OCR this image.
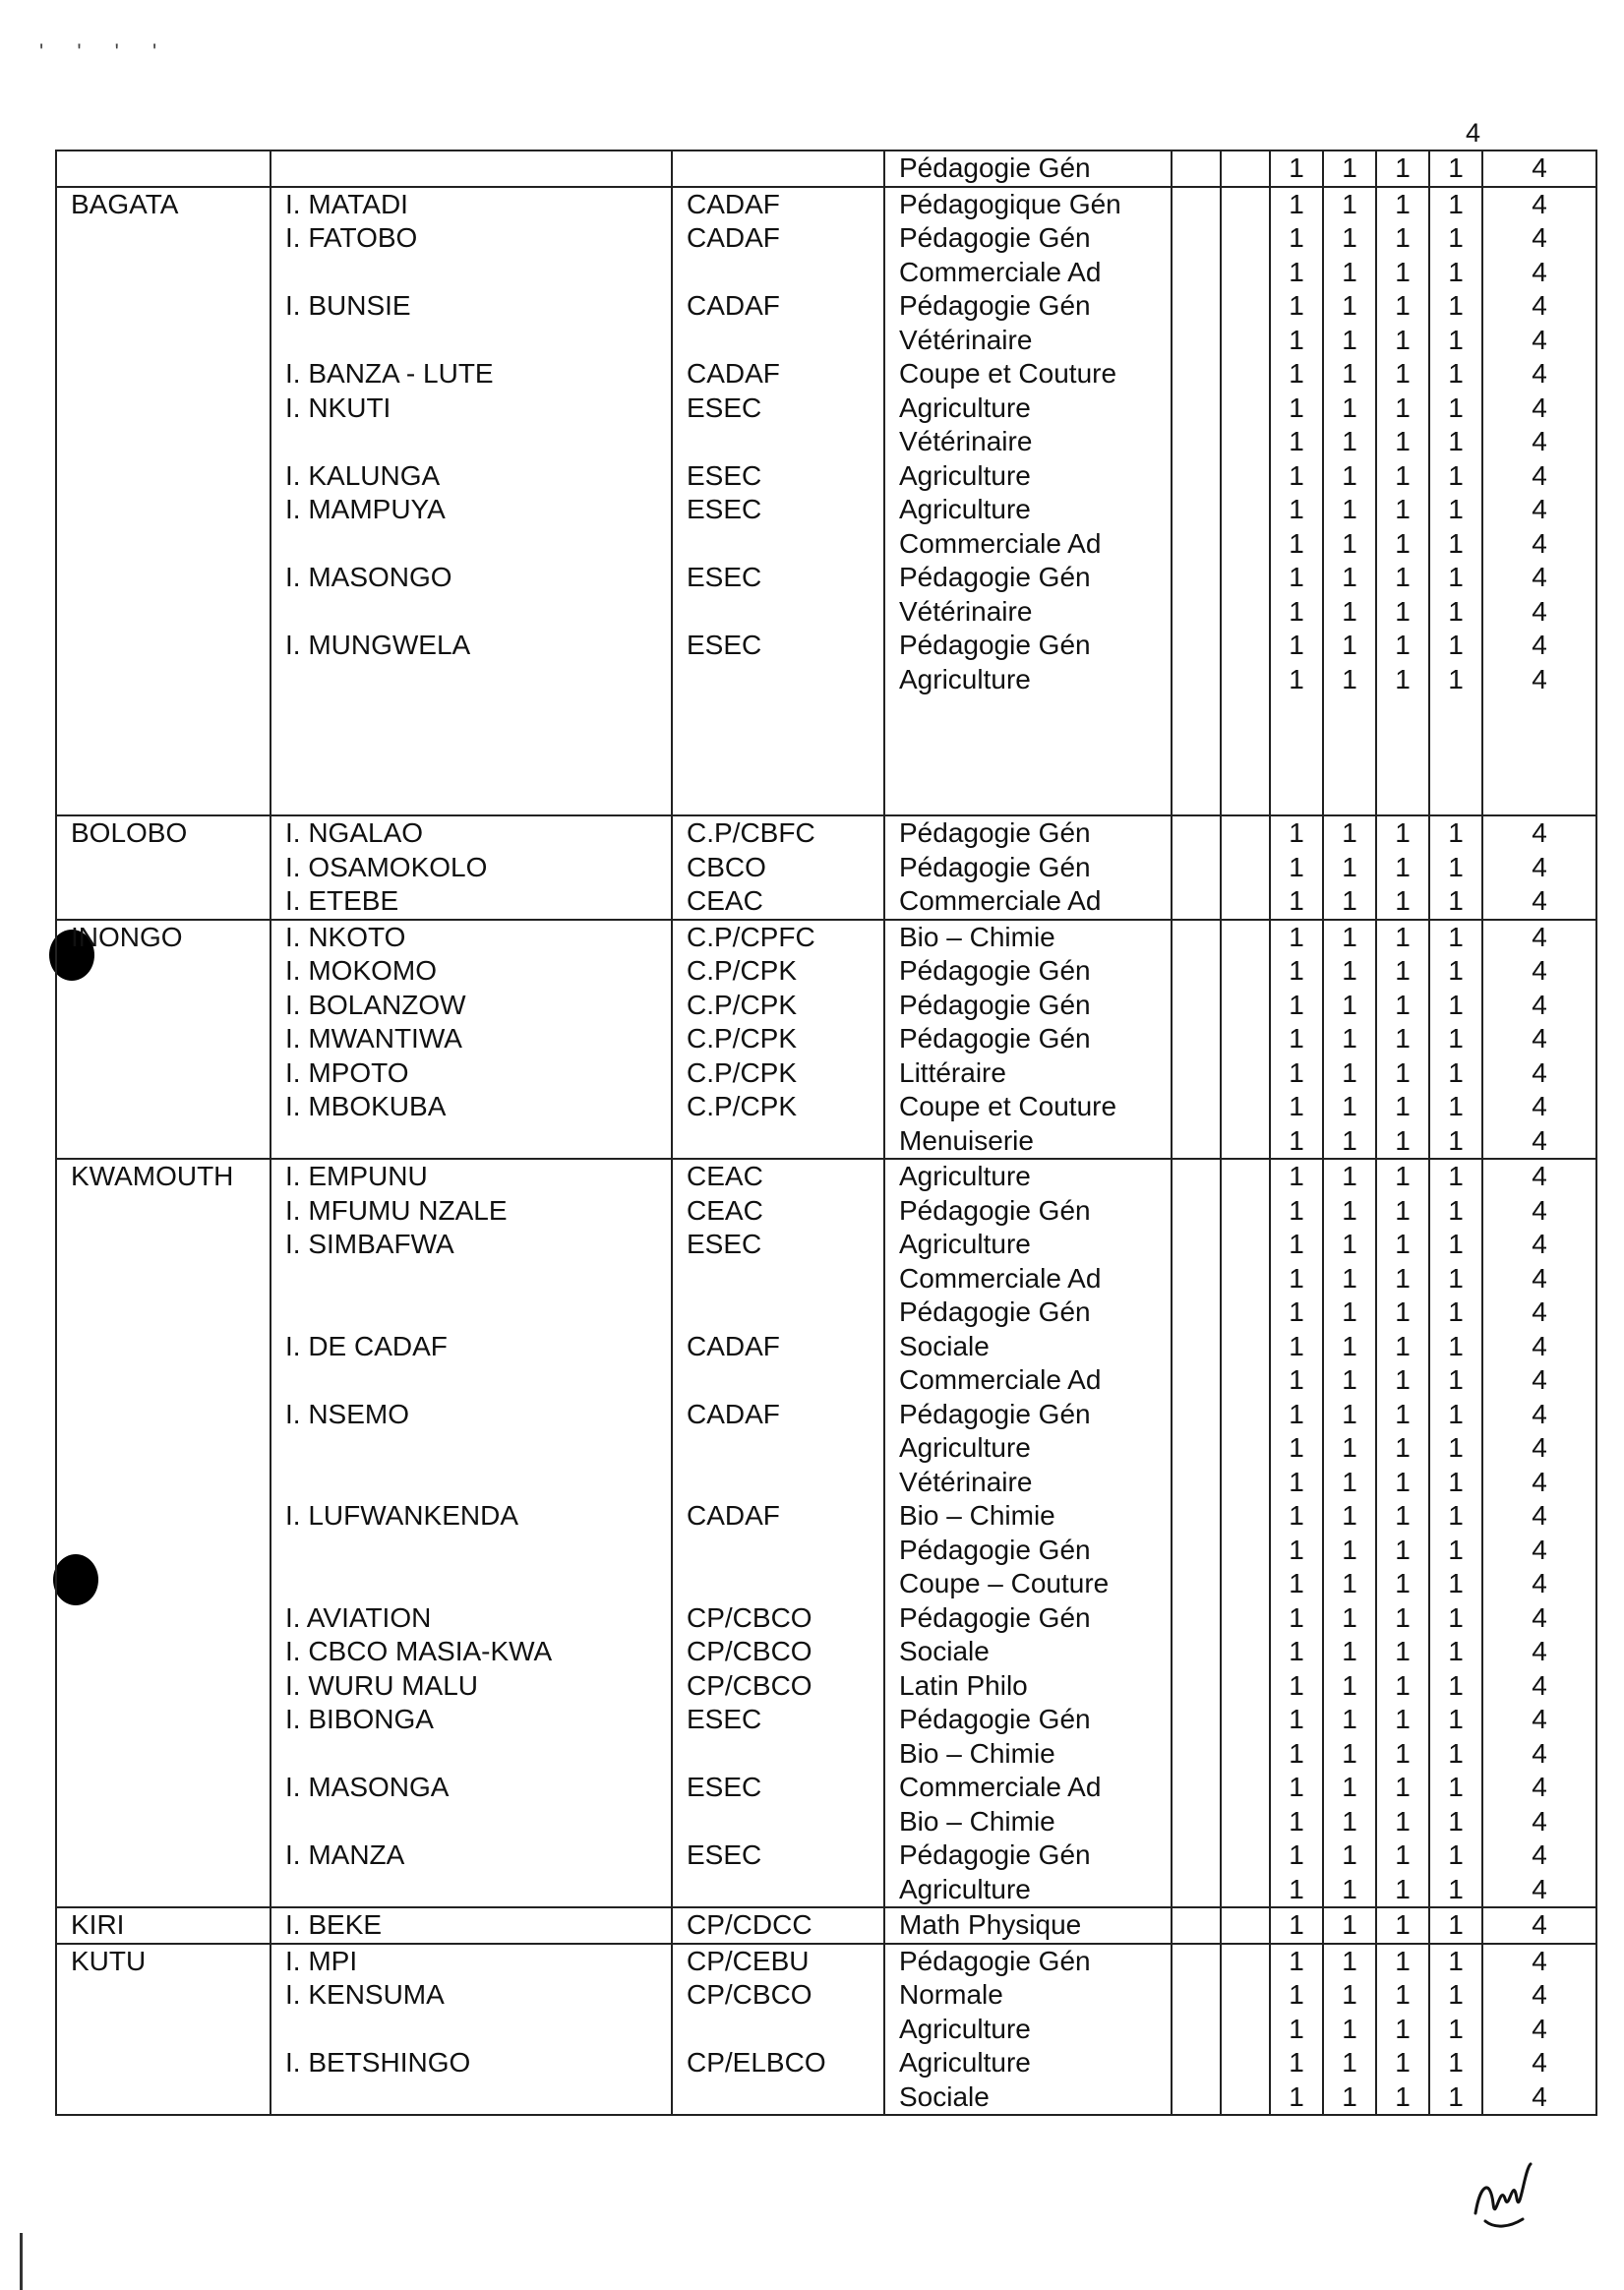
' ' ' '
4
			Pédagogie Gén			1	1	1	1	4
BAGATA	I. MATADI	CADAF	Pédagogique Gén			1	1	1	1	4
	I. FATOBO	CADAF	Pédagogie Gén			1	1	1	1	4
			Commerciale Ad			1	1	1	1	4
	I. BUNSIE	CADAF	Pédagogie Gén			1	1	1	1	4
			Vétérinaire			1	1	1	1	4
	I. BANZA - LUTE	CADAF	Coupe et Couture			1	1	1	1	4
	I. NKUTI	ESEC	Agriculture			1	1	1	1	4
			Vétérinaire			1	1	1	1	4
	I. KALUNGA	ESEC	Agriculture			1	1	1	1	4
	I. MAMPUYA	ESEC	Agriculture			1	1	1	1	4
			Commerciale Ad			1	1	1	1	4
	I. MASONGO	ESEC	Pédagogie Gén			1	1	1	1	4
			Vétérinaire			1	1	1	1	4
	I. MUNGWELA	ESEC	Pédagogie Gén			1	1	1	1	4
			Agriculture			1	1	1	1	4

BOLOBO	I. NGALAO	C.P/CBFC	Pédagogie Gén			1	1	1	1	4
	I. OSAMOKOLO	CBCO	Pédagogie Gén			1	1	1	1	4
	I. ETEBE	CEAC	Commerciale Ad			1	1	1	1	4
INONGO	I. NKOTO	C.P/CPFC	Bio – Chimie			1	1	1	1	4
	I. MOKOMO	C.P/CPK	Pédagogie Gén			1	1	1	1	4
	I. BOLANZOW	C.P/CPK	Pédagogie Gén			1	1	1	1	4
	I. MWANTIWA	C.P/CPK	Pédagogie Gén			1	1	1	1	4
	I. MPOTO	C.P/CPK	Littéraire			1	1	1	1	4
	I. MBOKUBA	C.P/CPK	Coupe et Couture			1	1	1	1	4
			Menuiserie			1	1	1	1	4
KWAMOUTH	I. EMPUNU	CEAC	Agriculture			1	1	1	1	4
	I. MFUMU NZALE	CEAC	Pédagogie Gén			1	1	1	1	4
	I. SIMBAFWA	ESEC	Agriculture			1	1	1	1	4
			Commerciale Ad			1	1	1	1	4
			Pédagogie Gén			1	1	1	1	4
	I. DE CADAF	CADAF	Sociale			1	1	1	1	4
			Commerciale Ad			1	1	1	1	4
	I. NSEMO	CADAF	Pédagogie Gén			1	1	1	1	4
			Agriculture			1	1	1	1	4
			Vétérinaire			1	1	1	1	4
	I. LUFWANKENDA	CADAF	Bio – Chimie			1	1	1	1	4
			Pédagogie Gén			1	1	1	1	4
			Coupe – Couture			1	1	1	1	4
	I. AVIATION	CP/CBCO	Pédagogie Gén			1	1	1	1	4
	I. CBCO MASIA-KWA	CP/CBCO	Sociale			1	1	1	1	4
	I. WURU MALU	CP/CBCO	Latin Philo			1	1	1	1	4
	I. BIBONGA	ESEC	Pédagogie Gén			1	1	1	1	4
			Bio – Chimie			1	1	1	1	4
	I. MASONGA	ESEC	Commerciale Ad			1	1	1	1	4
			Bio – Chimie			1	1	1	1	4
	I. MANZA	ESEC	Pédagogie Gén			1	1	1	1	4
			Agriculture			1	1	1	1	4
KIRI	I. BEKE	CP/CDCC	Math Physique			1	1	1	1	4
KUTU	I. MPI	CP/CEBU	Pédagogie Gén			1	1	1	1	4
	I. KENSUMA	CP/CBCO	Normale			1	1	1	1	4
			Agriculture			1	1	1	1	4
	I. BETSHINGO	CP/ELBCO	Agriculture			1	1	1	1	4
			Sociale			1	1	1	1	4
